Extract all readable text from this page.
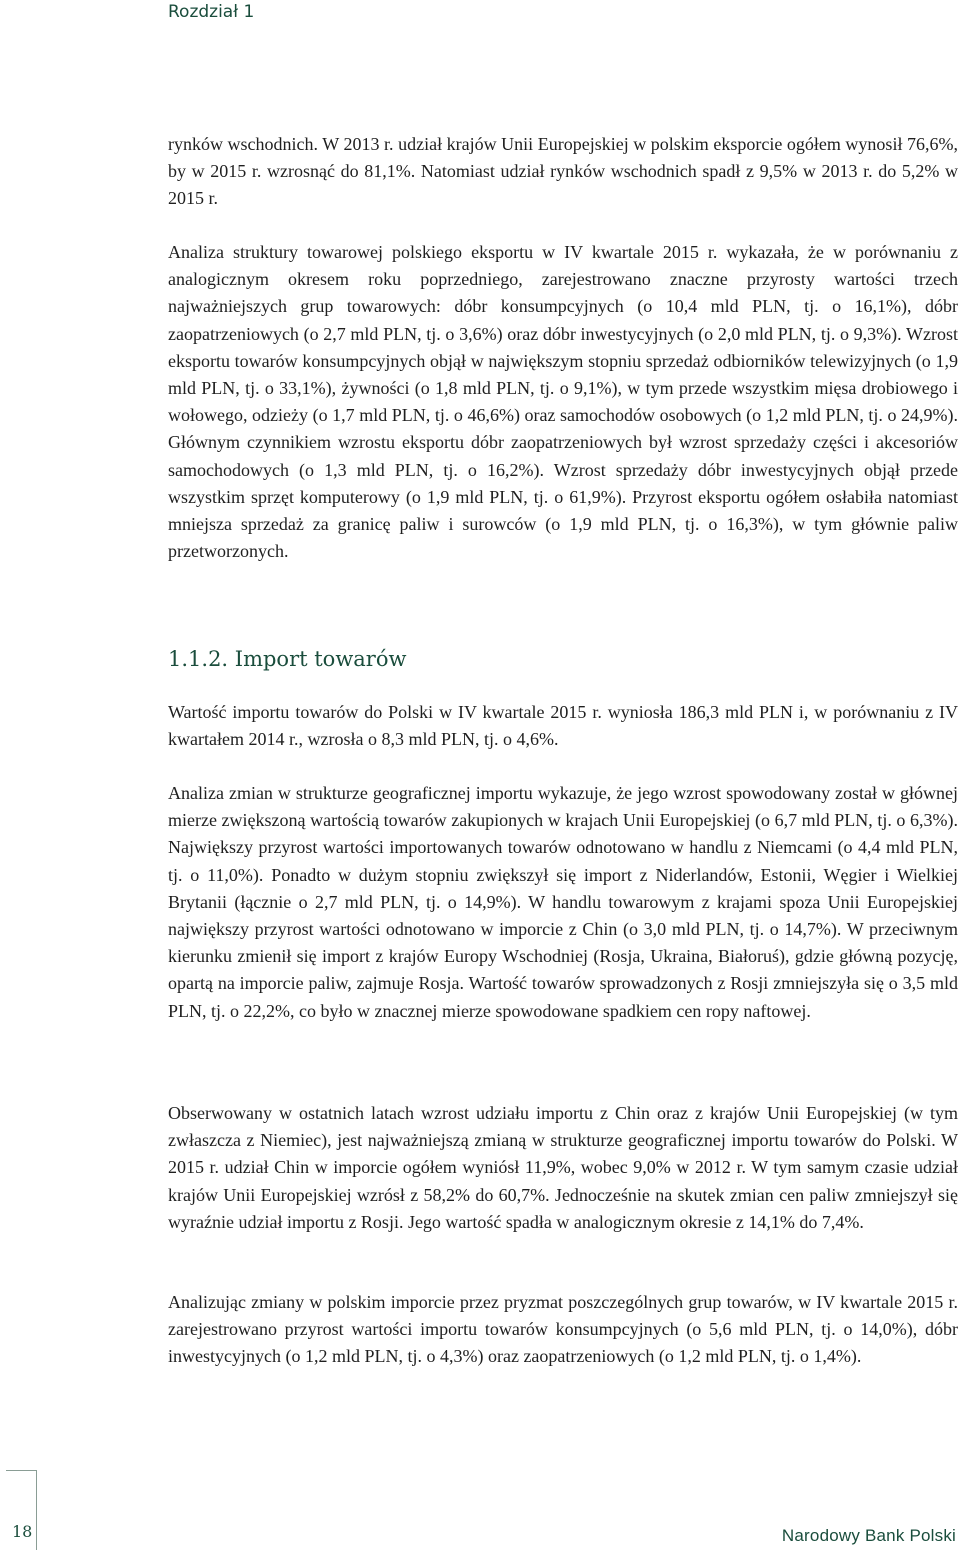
Rozdział 1

rynków wschodnich. W 2013 r. udział krajów Unii Europejskiej w polskim eksporcie ogółem wynosił 76,6%, by w 2015 r. wzrosnąć do 81,1%. Natomiast udział rynków wschodnich spadł z 9,5% w 2013 r. do 5,2% w 2015 r.

Analiza struktury towarowej polskiego eksportu w IV kwartale 2015 r. wykazała, że w porównaniu z analogicznym okresem roku poprzedniego, zarejestrowano znaczne przyrosty wartości trzech najważniejszych grup towarowych: dóbr konsumpcyjnych (o 10,4 mld PLN, tj. o 16,1%), dóbr zaopatrzeniowych (o 2,7 mld PLN, tj. o 3,6%) oraz dóbr inwestycyjnych (o 2,0 mld PLN, tj. o 9,3%). Wzrost eksportu towarów konsumpcyjnych objął w największym stopniu sprzedaż odbiorników telewizyjnych (o 1,9 mld PLN, tj. o 33,1%), żywności (o 1,8 mld PLN, tj. o 9,1%), w tym przede wszystkim mięsa drobiowego i wołowego, odzieży (o 1,7 mld PLN, tj. o 46,6%) oraz samochodów osobowych (o 1,2 mld PLN, tj. o 24,9%). Głównym czynnikiem wzrostu eksportu dóbr zaopatrzeniowych był wzrost sprzedaży części i akcesoriów samochodowych (o 1,3 mld PLN, tj. o 16,2%). Wzrost sprzedaży dóbr inwestycyjnych objął przede wszystkim sprzęt komputerowy (o 1,9 mld PLN, tj. o 61,9%). Przyrost eksportu ogółem osłabiła natomiast mniejsza sprzedaż za granicę paliw i surowców (o 1,9 mld PLN, tj. o 16,3%), w tym głównie paliw przetworzonych.

1.1.2. Import towarów

Wartość importu towarów do Polski w IV kwartale 2015 r. wyniosła 186,3 mld PLN i, w porównaniu z IV kwartałem 2014 r., wzrosła o 8,3 mld PLN, tj. o 4,6%.

Analiza zmian w strukturze geograficznej importu wykazuje, że jego wzrost spowodowany został w głównej mierze zwiększoną wartością towarów zakupionych w krajach Unii Europejskiej (o 6,7 mld PLN, tj. o 6,3%). Największy przyrost wartości importowanych towarów odnotowano w handlu z Niemcami (o 4,4 mld PLN, tj. o 11,0%). Ponadto w dużym stopniu zwiększył się import z Niderlandów, Estonii, Węgier i Wielkiej Brytanii (łącznie o 2,7 mld PLN, tj. o 14,9%). W handlu towarowym z krajami spoza Unii Europejskiej największy przyrost wartości odnotowano w imporcie z Chin (o 3,0 mld PLN, tj. o 14,7%). W przeciwnym kierunku zmienił się import z krajów Europy Wschodniej (Rosja, Ukraina, Białoruś), gdzie główną pozycję, opartą na imporcie paliw, zajmuje Rosja. Wartość towarów sprowadzonych z Rosji zmniejszyła się o 3,5 mld PLN, tj. o 22,2%, co było w znacznej mierze spowodowane spadkiem cen ropy naftowej.

Obserwowany w ostatnich latach wzrost udziału importu z Chin oraz z krajów Unii Europejskiej (w tym zwłaszcza z Niemiec), jest najważniejszą zmianą w strukturze geograficznej importu towarów do Polski. W 2015 r. udział Chin w imporcie ogółem wyniósł 11,9%, wobec 9,0% w 2012 r. W tym samym czasie udział krajów Unii Europejskiej wzrósł z 58,2% do 60,7%. Jednocześnie na skutek zmian cen paliw zmniejszył się wyraźnie udział importu z Rosji. Jego wartość spadła w analogicznym okresie z 14,1% do 7,4%.

Analizując zmiany w polskim imporcie przez pryzmat poszczególnych grup towarów, w IV kwartale 2015 r. zarejestrowano przyrost wartości importu towarów konsumpcyjnych (o 5,6 mld PLN, tj. o 14,0%), dóbr inwestycyjnych (o 1,2 mld PLN, tj. o 4,3%) oraz zaopatrzeniowych (o 1,2 mld PLN, tj. o 1,4%).

18	Narodowy Bank Polski
